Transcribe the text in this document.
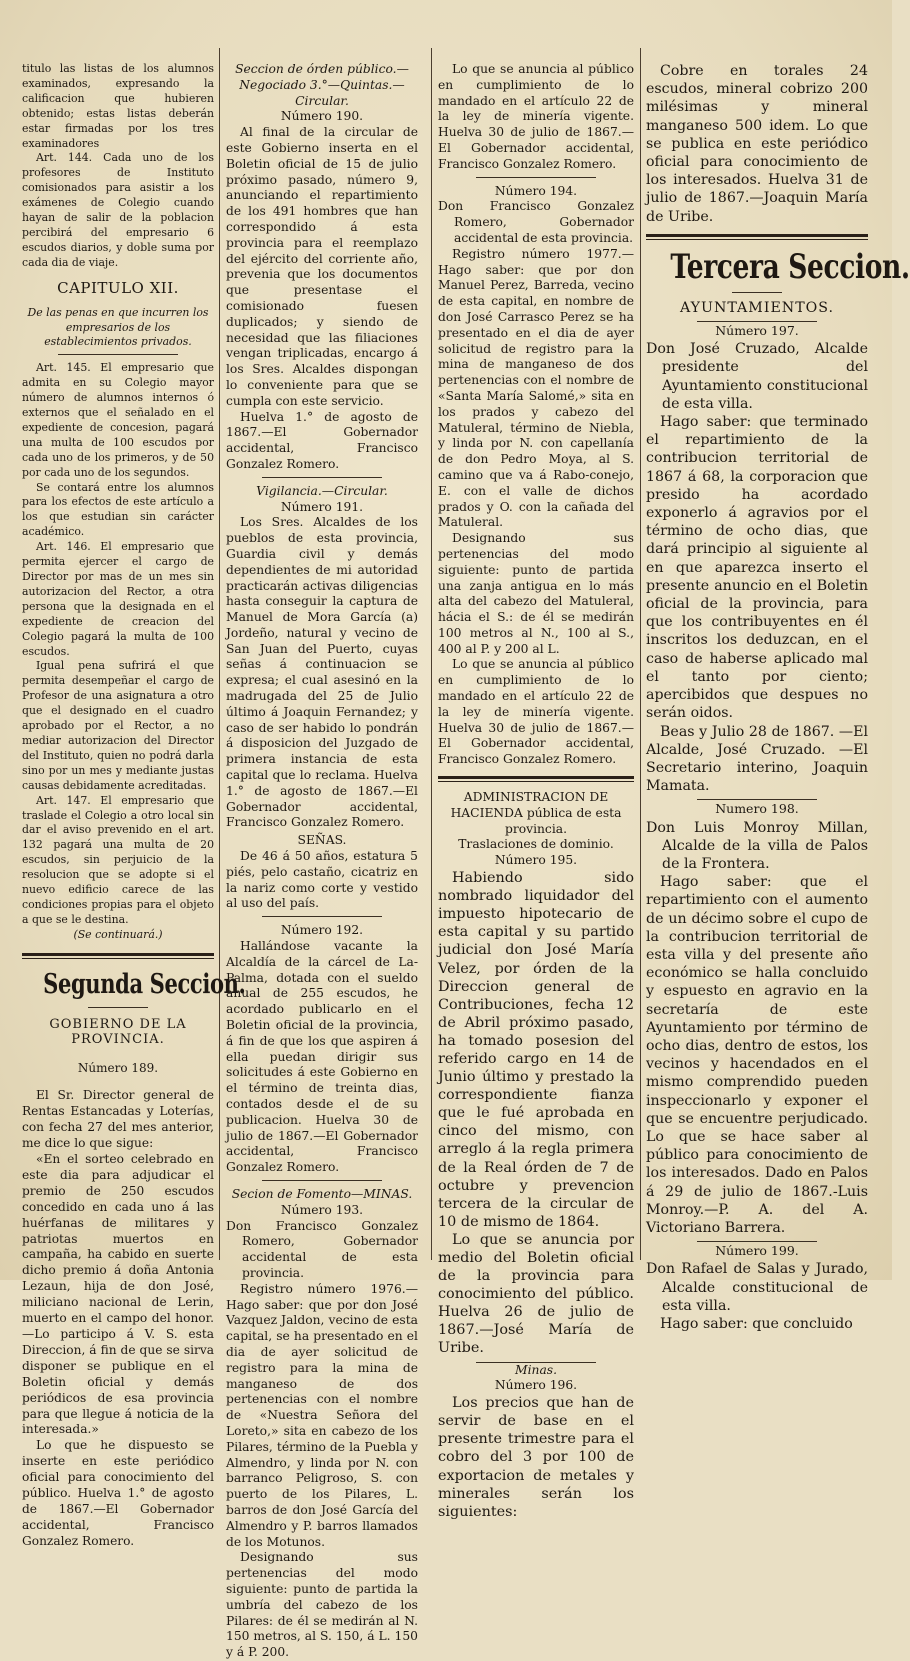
titulo las listas de los alumnos examinados, expresando la calificacion que hubieren obtenido; estas listas deberán estar firmadas por los tres examinadores

Art. 144. Cada uno de los profesores de Instituto comisionados para asistir a los exámenes de Colegio cuando hayan de salir de la poblacion percibirá del empresario 6 escudos diarios, y doble suma por cada dia de viaje.

CAPITULO XII.

De las penas en que incurren los empresarios de los establecimientos privados.

Art. 145. El empresario que admita en su Colegio mayor número de alumnos internos ó externos que el señalado en el expediente de concesion, pagará una multa de 100 escudos por cada uno de los primeros, y de 50 por cada uno de los segundos.

Se contará entre los alumnos para los efectos de este artículo a los que estudian sin carácter académico.

Art. 146. El empresario que permita ejercer el cargo de Director por mas de un mes sin autorizacion del Rector, a otra persona que la designada en el expediente de creacion del Colegio pagará la multa de 100 escudos.

Igual pena sufrirá el que permita desempeñar el cargo de Profesor de una asignatura a otro que el designado en el cuadro aprobado por el Rector, a no mediar autorizacion del Director del Instituto, quien no podrá darla sino por un mes y mediante justas causas debidamente acreditadas.

Art. 147. El empresario que traslade el Colegio a otro local sin dar el aviso prevenido en el art. 132 pagará una multa de 20 escudos, sin perjuicio de la resolucion que se adopte si el nuevo edificio carece de las condiciones propias para el objeto a que se le destina.

(Se continuará.)

Segunda Seccion.

GOBIERNO DE LA PROVINCIA.

Número 189.

El Sr. Director general de Rentas Estancadas y Loterías, con fecha 27 del mes anterior, me dice lo que sigue:

«En el sorteo celebrado en este dia para adjudicar el premio de 250 escudos concedido en cada uno á las huérfanas de militares y patriotas muertos en campaña, ha cabido en suerte dicho premio á doña Antonia Lezaun, hija de don José, miliciano nacional de Lerin, muerto en el campo del honor.—Lo participo á V. S. esta Direccion, á fin de que se sirva disponer se publique en el Boletin oficial y demás periódicos de esa provincia para que llegue á noticia de la interesada.»

Lo que he dispuesto se inserte en este periódico oficial para conocimiento del público. Huelva 1.° de agosto de 1867.—El Gobernador accidental, Francisco Gonzalez Romero.

Seccion de órden público.—Negociado 3.°—Quintas.—Circular.

Número 190.

Al final de la circular de este Gobierno inserta en el Boletin oficial de 15 de julio próximo pasado, número 9, anunciando el repartimiento de los 491 hombres que han correspondido á esta provincia para el reemplazo del ejército del corriente año, prevenia que los documentos que presentase el comisionado fuesen duplicados; y siendo de necesidad que las filiaciones vengan triplicadas, encargo á los Sres. Alcaldes dispongan lo conveniente para que se cumpla con este servicio.

Huelva 1.° de agosto de 1867.—El Gobernador accidental, Francisco Gonzalez Romero.

Vigilancia.—Circular.

Número 191.

Los Sres. Alcaldes de los pueblos de esta provincia, Guardia civil y demás dependientes de mi autoridad practicarán activas diligencias hasta conseguir la captura de Manuel de Mora García (a) Jordeño, natural y vecino de San Juan del Puerto, cuyas señas á continuacion se expresa; el cual asesinó en la madrugada del 25 de Julio último á Joaquin Fernandez; y caso de ser habido lo pondrán á disposicion del Juzgado de primera instancia de esta capital que lo reclama. Huelva 1.° de agosto de 1867.—El Gobernador accidental, Francisco Gonzalez Romero.

SEÑAS.

De 46 á 50 años, estatura 5 piés, pelo castaño, cicatriz en la nariz como corte y vestido al uso del país.

Número 192.

Hallándose vacante la Alcaldía de la cárcel de La-Palma, dotada con el sueldo anual de 255 escudos, he acordado publicarlo en el Boletin oficial de la provincia, á fin de que los que aspiren á ella puedan dirigir sus solicitudes á este Gobierno en el término de treinta dias, contados desde el de su publicacion. Huelva 30 de julio de 1867.—El Gobernador accidental, Francisco Gonzalez Romero.

Secion de Fomento—MINAS.

Número 193.

Don Francisco Gonzalez Romero, Gobernador accidental de esta provincia.

Registro número 1976.—Hago saber: que por don José Vazquez Jaldon, vecino de esta capital, se ha presentado en el dia de ayer solicitud de registro para la mina de manganeso de dos pertenencias con el nombre de «Nuestra Señora del Loreto,» sita en cabezo de los Pilares, término de la Puebla y Almendro, y linda por N. con barranco Peligroso, S. con puerto de los Pilares, L. barros de don José García del Almendro y P. barros llamados de los Motunos.

Designando sus pertenencias del modo siguiente: punto de partida la umbría del cabezo de los Pilares: de él se medirán al N. 150 metros, al S. 150, á L. 150 y á P. 200.

Lo que se anuncia al público en cumplimiento de lo mandado en el artículo 22 de la ley de minería vigente. Huelva 30 de julio de 1867.—El Gobernador accidental, Francisco Gonzalez Romero.

Número 194.

Don Francisco Gonzalez Romero, Gobernador accidental de esta provincia.

Registro número 1977.—Hago saber: que por don Manuel Perez, Barreda, vecino de esta capital, en nombre de don José Carrasco Perez se ha presentado en el dia de ayer solicitud de registro para la mina de manganeso de dos pertenencias con el nombre de «Santa María Salomé,» sita en los prados y cabezo del Matuleral, término de Niebla, y linda por N. con capellanía de don Pedro Moya, al S. camino que va á Rabo-conejo, E. con el valle de dichos prados y O. con la cañada del Matuleral.

Designando sus pertenencias del modo siguiente: punto de partida una zanja antigua en lo más alta del cabezo del Matuleral, hácia el S.: de él se medirán 100 metros al N., 100 al S., 400 al P. y 200 al L.

Lo que se anuncia al público en cumplimiento de lo mandado en el artículo 22 de la ley de minería vigente. Huelva 30 de julio de 1867.—El Gobernador accidental, Francisco Gonzalez Romero.

ADMINISTRACION DE HACIENDA pública de esta provincia.

Traslaciones de dominio.

Número 195.

Habiendo sido nombrado liquidador del impuesto hipotecario de esta capital y su partido judicial don José María Velez, por órden de la Direccion general de Contribuciones, fecha 12 de Abril próximo pasado, ha tomado posesion del referido cargo en 14 de Junio último y prestado la correspondiente fianza que le fué aprobada en cinco del mismo, con arreglo á la regla primera de la Real órden de 7 de octubre y prevencion tercera de la circular de 10 de mismo de 1864.

Lo que se anuncia por medio del Boletin oficial de la provincia para conocimiento del público. Huelva 26 de julio de 1867.—José María de Uribe.

Minas.

Número 196.

Los precios que han de servir de base en el presente trimestre para el cobro del 3 por 100 de exportacion de metales y minerales serán los siguientes:

Cobre en torales 24 escudos, mineral cobrizo 200 milésimas y mineral manganeso 500 idem. Lo que se publica en este periódico oficial para conocimiento de los interesados. Huelva 31 de julio de 1867.—Joaquin María de Uribe.

Tercera Seccion.

AYUNTAMIENTOS.

Número 197.

Don José Cruzado, Alcalde presidente del Ayuntamiento constitucional de esta villa.

Hago saber: que terminado el repartimiento de la contribucion territorial de 1867 á 68, la corporacion que presido ha acordado exponerlo á agravios por el término de ocho dias, que dará principio al siguiente al en que aparezca inserto el presente anuncio en el Boletin oficial de la provincia, para que los contribuyentes en él inscritos los deduzcan, en el caso de haberse aplicado mal el tanto por ciento; apercibidos que despues no serán oidos.

Beas y Julio 28 de 1867. —El Alcalde, José Cruzado. —El Secretario interino, Joaquin Mamata.

Numero 198.

Don Luis Monroy Millan, Alcalde de la villa de Palos de la Frontera.

Hago saber: que el repartimiento con el aumento de un décimo sobre el cupo de la contribucion territorial de esta villa y del presente año económico se halla concluido y espuesto en agravio en la secretaría de este Ayuntamiento por término de ocho dias, dentro de estos, los vecinos y hacendados en el mismo comprendido pueden inspeccionarlo y exponer el que se encuentre perjudicado. Lo que se hace saber al público para conocimiento de los interesados. Dado en Palos á 29 de julio de 1867.-Luis Monroy.—P. A. del A. Victoriano Barrera.

Número 199.

Don Rafael de Salas y Jurado, Alcalde constitucional de esta villa.

Hago saber: que concluido
